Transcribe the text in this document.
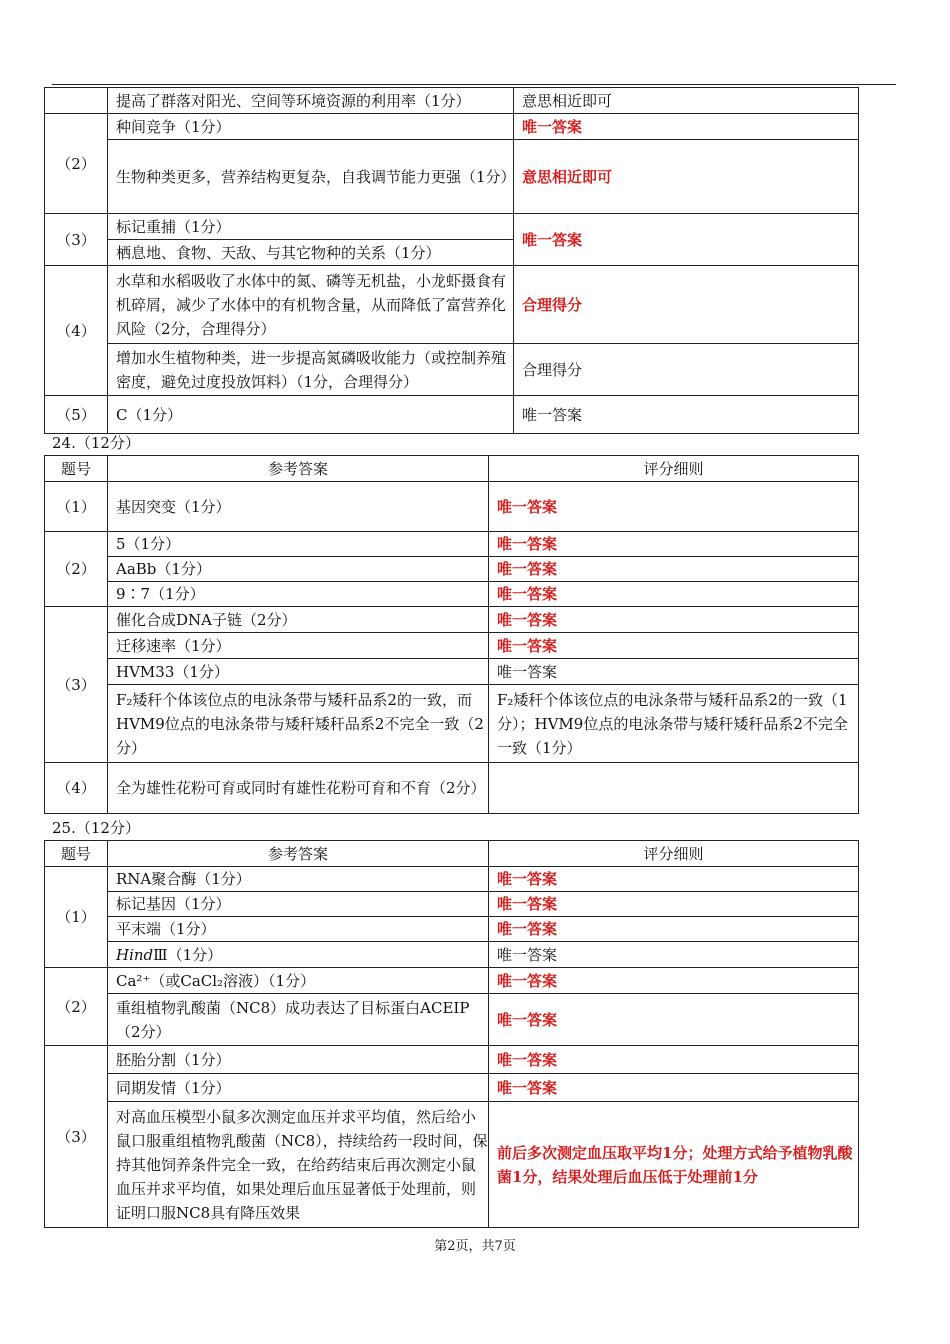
	提高了群落对阳光、空间等环境资源的利用率（1分）	意思相近即可
（2）	种间竞争（1分）	唯一答案
	生物种类更多，营养结构更复杂，自我调节能力更强（1分）	意思相近即可
（3）	标记重捕（1分）	唯一答案
	栖息地、食物、天敌、与其它物种的关系（1分）	
（4）	水草和水稻吸收了水体中的氮、磷等无机盐，小龙虾摄食有机碎屑，减少了水体中的有机物含量，从而降低了富营养化风险（2分，合理得分）	合理得分
	增加水生植物种类，进一步提高氮磷吸收能力（或控制养殖密度，避免过度投放饵料）（1分，合理得分）	合理得分
（5）	C（1分）	唯一答案
24.（12分）
题号	参考答案	评分细则
（1）	基因突变（1分）	唯一答案
（2）	5（1分）	唯一答案
	AaBb（1分）	唯一答案
	9∶7（1分）	唯一答案
（3）	催化合成DNA子链（2分）	唯一答案
	迁移速率（1分）	唯一答案
	HVM33（1分）	唯一答案
	F₂矮秆个体该位点的电泳条带与矮秆品系2的一致，而HVM9位点的电泳条带与矮秆矮秆品系2不完全一致（2分）	F₂矮秆个体该位点的电泳条带与矮秆品系2的一致（1分）；HVM9位点的电泳条带与矮秆矮秆品系2不完全一致（1分）
（4）	全为雄性花粉可育或同时有雄性花粉可育和不育（2分）	
25.（12分）
题号	参考答案	评分细则
（1）	RNA聚合酶（1分）	唯一答案
	标记基因（1分）	唯一答案
	平末端（1分）	唯一答案
	HindⅢ（1分）	唯一答案
（2）	Ca²⁺（或CaCl₂溶液）（1分）	唯一答案
	重组植物乳酸菌（NC8）成功表达了目标蛋白ACEIP（2分）	唯一答案
（3）	胚胎分割（1分）	唯一答案
	同期发情（1分）	唯一答案
	对高血压模型小鼠多次测定血压并求平均值，然后给小鼠口服重组植物乳酸菌（NC8），持续给药一段时间，保持其他饲养条件完全一致，在给药结束后再次测定小鼠血压并求平均值，如果处理后血压显著低于处理前，则证明口服NC8具有降压效果	前后多次测定血压取平均1分；处理方式给予植物乳酸菌1分，结果处理后血压低于处理前1分
第2页，共7页
